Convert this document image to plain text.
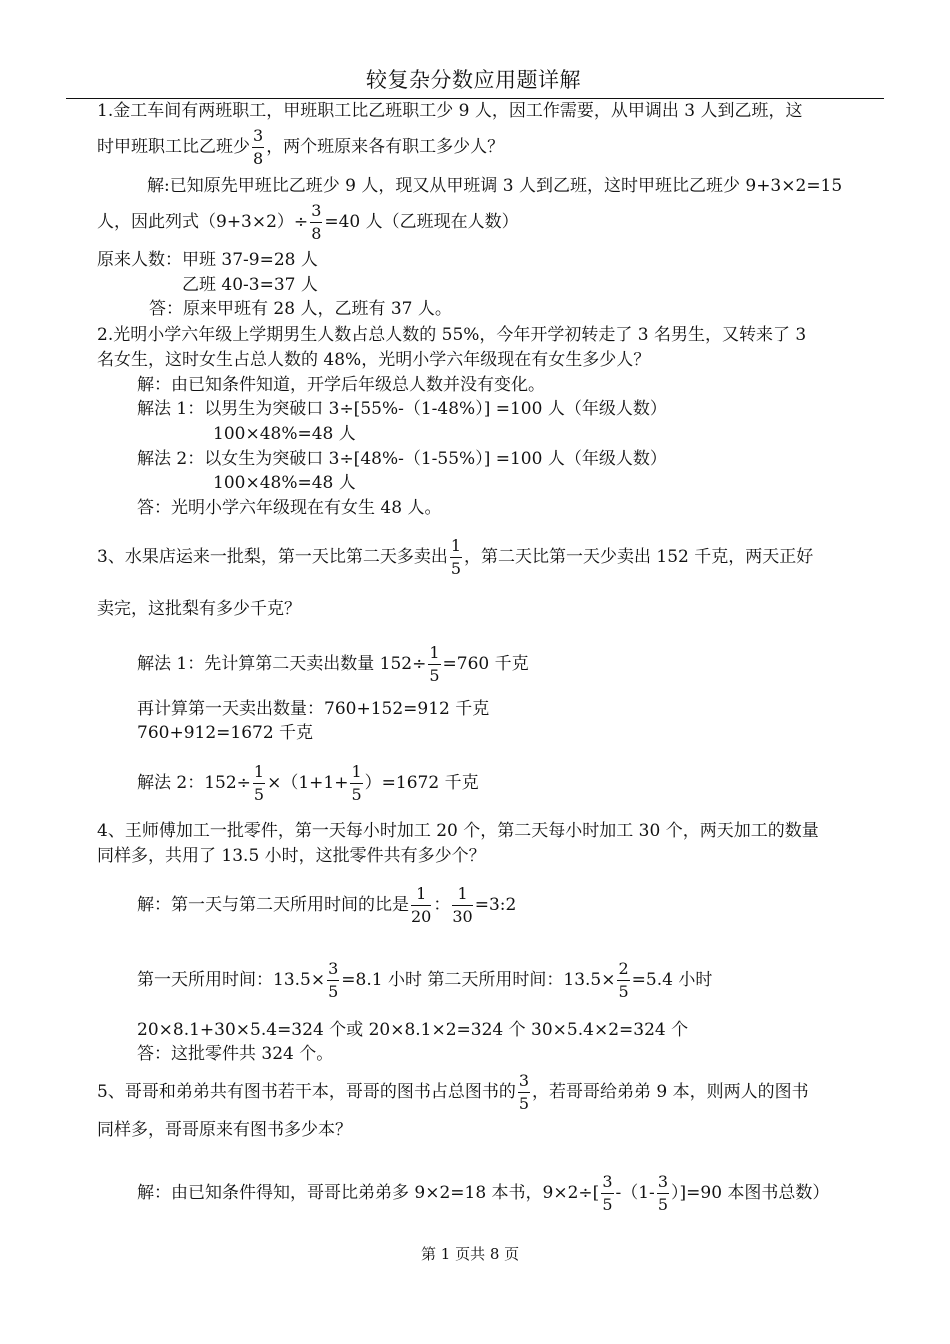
较复杂分数应用题详解
1.金工车间有两班职工，甲班职工比乙班职工少 9 人，因工作需要，从甲调出 3 人到乙班，这
时甲班职工比乙班少 $\frac{3}{8}$ ，两个班原来各有职工多少人？
解:已知原先甲班比乙班少 9 人，现又从甲班调 3 人到乙班，这时甲班比乙班少 9+3×2=15
人，因此列式$(9+3\times 2)\div \frac{3}{8} =40$ 人（乙班现在人数）
原来人数：甲班 37-9=28 人
乙班 40-3=37 人
答：原来甲班有 28 人，乙班有 37 人。
2.光明小学六年级上学期男生人数占总人数的 55%，今年开学初转走了 3 名男生，又转来了 3
名女生，这时女生占总人数的 48%，光明小学六年级现在有女生多少人？
解：由已知条件知道，开学后年级总人数并没有变化。
解法 1：以男生为突破口 3÷[55%-（1-48%）] =100 人（年级人数）
100×48%=48 人
解法 2：以女生为突破口 3÷[48%-（1-55%）] =100 人（年级人数）
100×48%=48 人
答：光明小学六年级现在有女生 48 人。
3、水果店运来一批梨，第一天比第二天多卖出 $\frac{1}{5}$ ，第二天比第一天少卖出 152 千克，两天正好
卖完，这批梨有多少千克？
解法 1：先计算第二天卖出数量 $152\div \frac{1}{5} =760$ 千克
再计算第一天卖出数量：760+152=912 千克
760+912=1672 千克
解法 2：$152\div \frac{1}{5} \times(1+1+ \frac{1}{5} )=1672$ 千克
4、王师傅加工一批零件，第一天每小时加工 20 个，第二天每小时加工 30 个，两天加工的数量
同样多，共用了 13.5 小时，这批零件共有多少个？
解：第一天与第二天所用时间的比是 $\frac{1}{20}$ ： $\frac{1}{30}$ =3:2
第一天所用时间：$13.5\times \frac{3}{5} =8.1$ 小时 第二天所用时间：$13.5\times \frac{2}{5} =5.4$ 小时
20×8.1+30×5.4=324 个或 20×8.1×2=324 个 30×5.4×2=324 个
答：这批零件共 324 个。
5、哥哥和弟弟共有图书若干本，哥哥的图书占总图书的 $\frac{3}{5}$ ，若哥哥给弟弟 9 本，则两人的图书
同样多，哥哥原来有图书多少本？
解：由已知条件得知，哥哥比弟弟多 9×2=18 本书，$9\times 2\div[ \frac{3}{5} -(1- \frac{3}{5} )]=90$ 本图书总数）
第 1 页共 8 页
